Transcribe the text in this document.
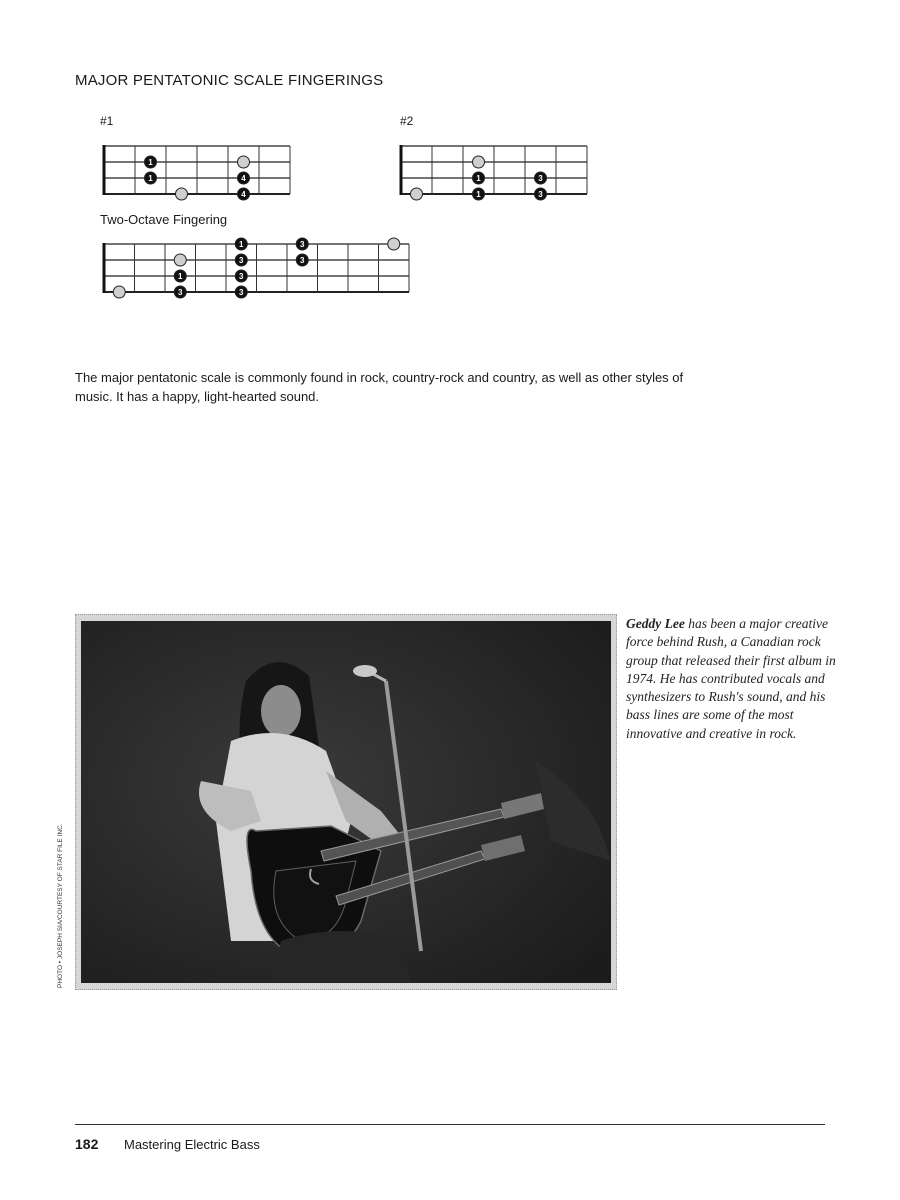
MAJOR PENTATONIC SCALE FINGERINGS
#1
1
1	4
4
#2
1
1
3
3
Two-Octave Fingering
1
3
1
3
3
3
3
3
The major pentatonic scale is commonly found in rock, country-rock and country, as well as other styles of music. It has a happy, light-hearted sound.
PHOTO • JOSEPH SIA/COURTESY OF STAR FILE INC.
Geddy Lee has been a major creative force behind Rush, a Canadian rock group that released their first album in 1974. He has contributed vocals and synthesizers to Rush's sound, and his bass lines are some of the most innovative and creative in rock.
182 Mastering Electric Bass
